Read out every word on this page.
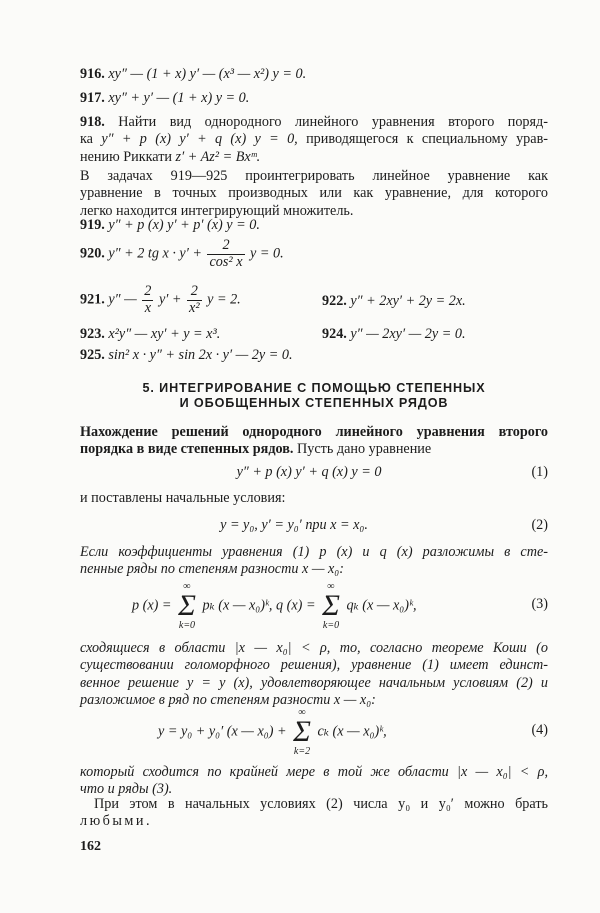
916. xy″ — (1 + x) y′ — (x³ — x²) y = 0.
917. xy″ + y′ — (1 + x) y = 0.
918. Найти вид однородного линейного уравнения второго поряд-
ка y″ + p (x) y′ + q (x) y = 0, приводящегося к специальному урав-
нению Риккати z′ + Az² = Bxᵐ.
В задачах 919—925 проинтегрировать линейное уравнение как
уравнение в точных производных или как уравнение, для которого
легко находится интегрирующий множитель.
919. y″ + p (x) y′ + p′ (x) y = 0.
920. y″ + 2 tg $x \cdot y' + \frac{2}{\text{cos² x}}$ y = 0.
921. y″ — $\frac{2}{x} y' + \frac{2}{\text{x²}}$ y = 2.	922. y″ + 2xy′ + 2y = 2x.
923. x²y″ — xy′ + y = x³.	924. y″ — 2xy′ — 2y = 0.
925. sin² x · y″ + sin 2x · y′ — 2y = 0.
5. ИНТЕГРИРОВАНИЕ С ПОМОЩЬЮ СТЕПЕННЫХ
И ОБОБЩЕННЫХ СТЕПЕННЫХ РЯДОВ
Нахождение решений однородного линейного уравнения второго
порядка в виде степенных рядов. Пусть дано уравнение
y″ + p (x) y′ + q (x) y = 0	(1)
и поставлены начальные условия:
y = y₀, y′ = y₀′ при x = x₀.	(2)
Если коэффициенты уравнения (1) p (x) и q (x) разложимы в сте-
пенные ряды по степеням разности x — x₀:
p (x) =
∞
Σ
k=0
pₖ (x — x₀)ᵏ, q (x) =
∞
Σ
k=0
qₖ (x — x₀)ᵏ,	(3)
сходящиеся в области |x — x₀| < ρ, то, согласно теореме Коши (о
существовании голоморфного решения), уравнение (1) имеет единст-
венное решение y = y (x), удовлетворяющее начальным условиям (2) и
разложимое в ряд по степеням разности x — x₀:
y = y₀ + y₀′ (x — x₀) +
∞
Σ
k=2
cₖ (x — x₀)ᵏ,	(4)
который сходится по крайней мере в той же области |x — x₀| < ρ,
что и ряды (3).
При этом в начальных условиях (2) числа y₀ и y₀′ можно брать
любыми.
162
